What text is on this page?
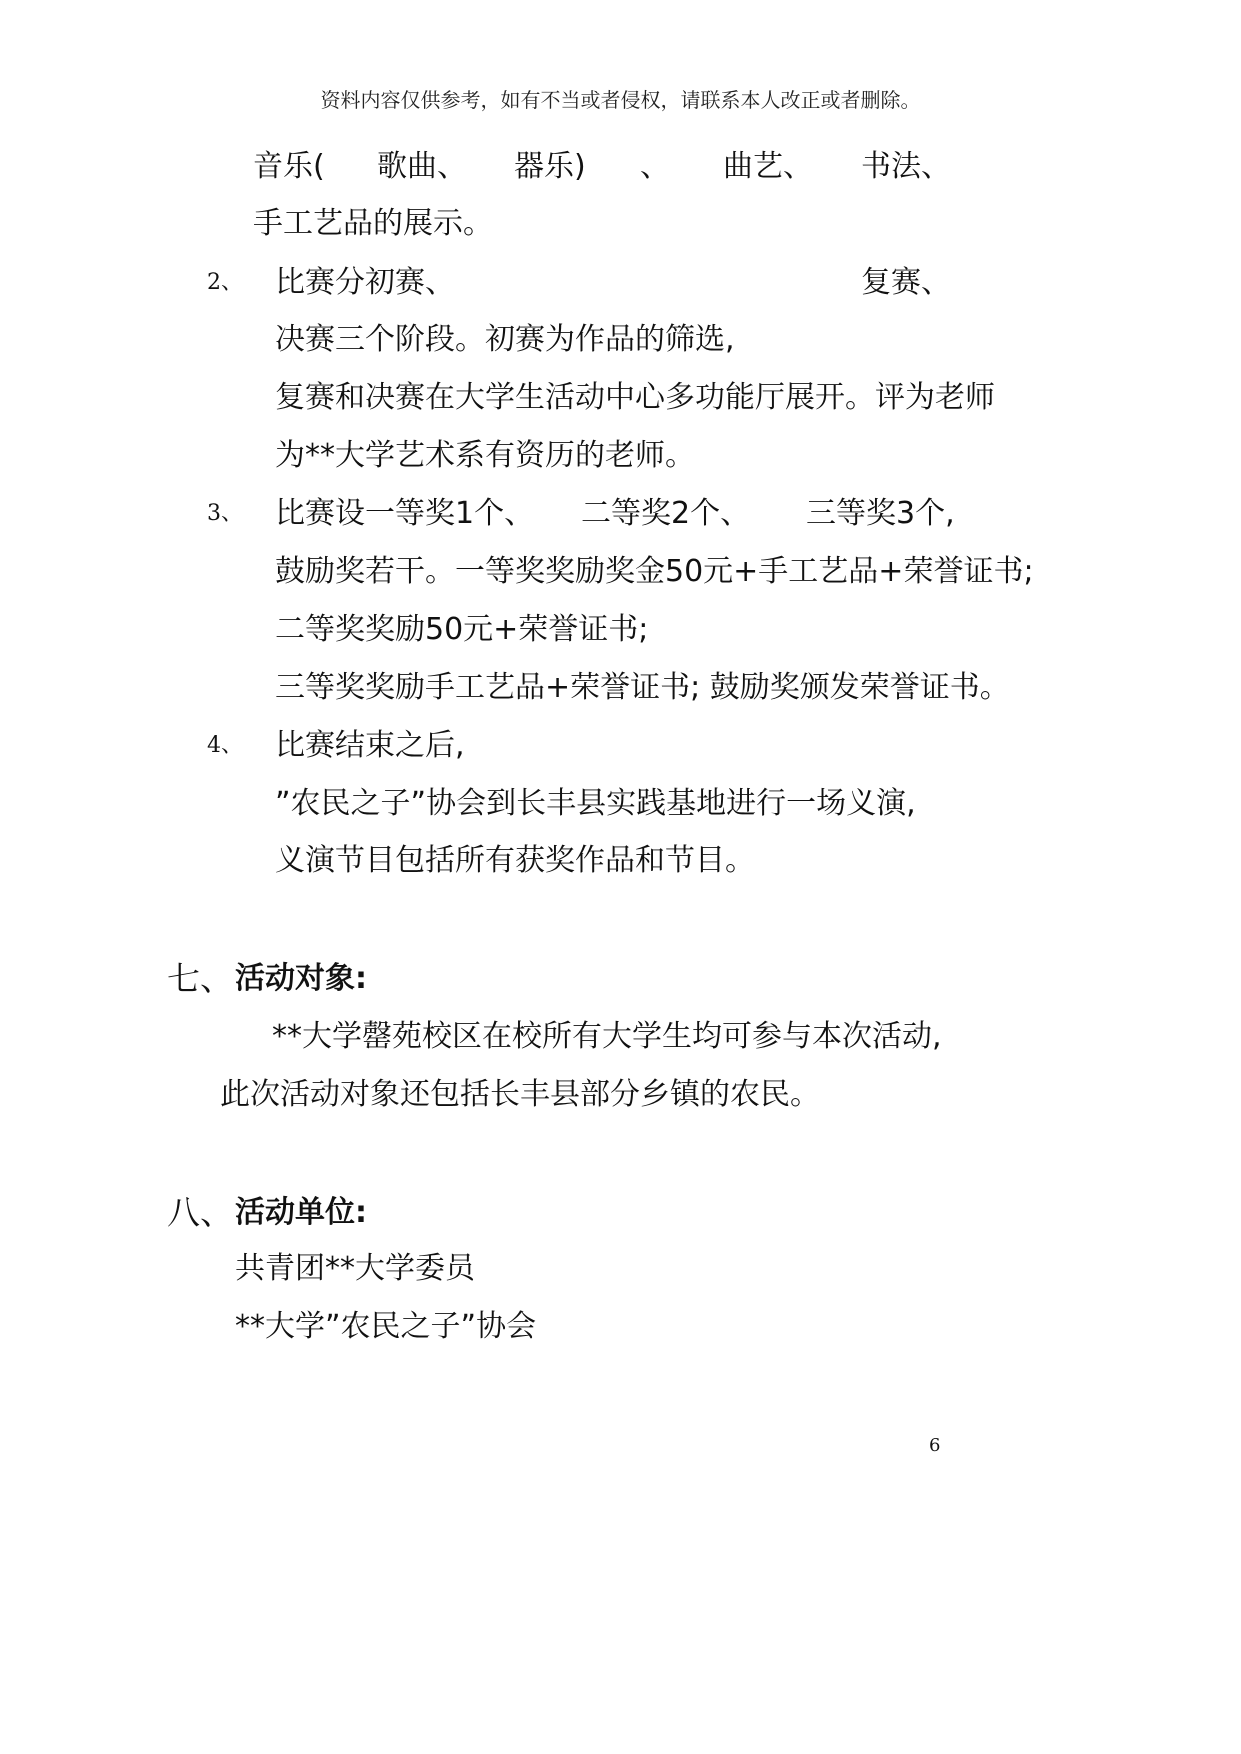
资料内容仅供参考，如有不当或者侵权，请联系本人改正或者删除。
音乐( 歌曲、 器乐) 、 曲艺、 书法、
手工艺品的展示。
2、 比赛分初赛、	复赛、
决赛三个阶段。初赛为作品的筛选,
复赛和决赛在大学生活动中心多功能厅展开。评为老师
为**大学艺术系有资历的老师。
3、 比赛设一等奖1个、 二等奖2个、 三等奖3个,
鼓励奖若干。一等奖奖励奖金50元+手工艺品+荣誉证书;
二等奖奖励50元+荣誉证书;
三等奖奖励手工艺品+荣誉证书; 鼓励奖颁发荣誉证书。
4、 比赛结束之后,
”农民之子”协会到长丰县实践基地进行一场义演,
义演节目包括所有获奖作品和节目。
七、 活动对象:
**大学罄苑校区在校所有大学生均可参与本次活动,
此次活动对象还包括长丰县部分乡镇的农民。
八、 活动单位:
共青团**大学委员
**大学”农民之子”协会
6
